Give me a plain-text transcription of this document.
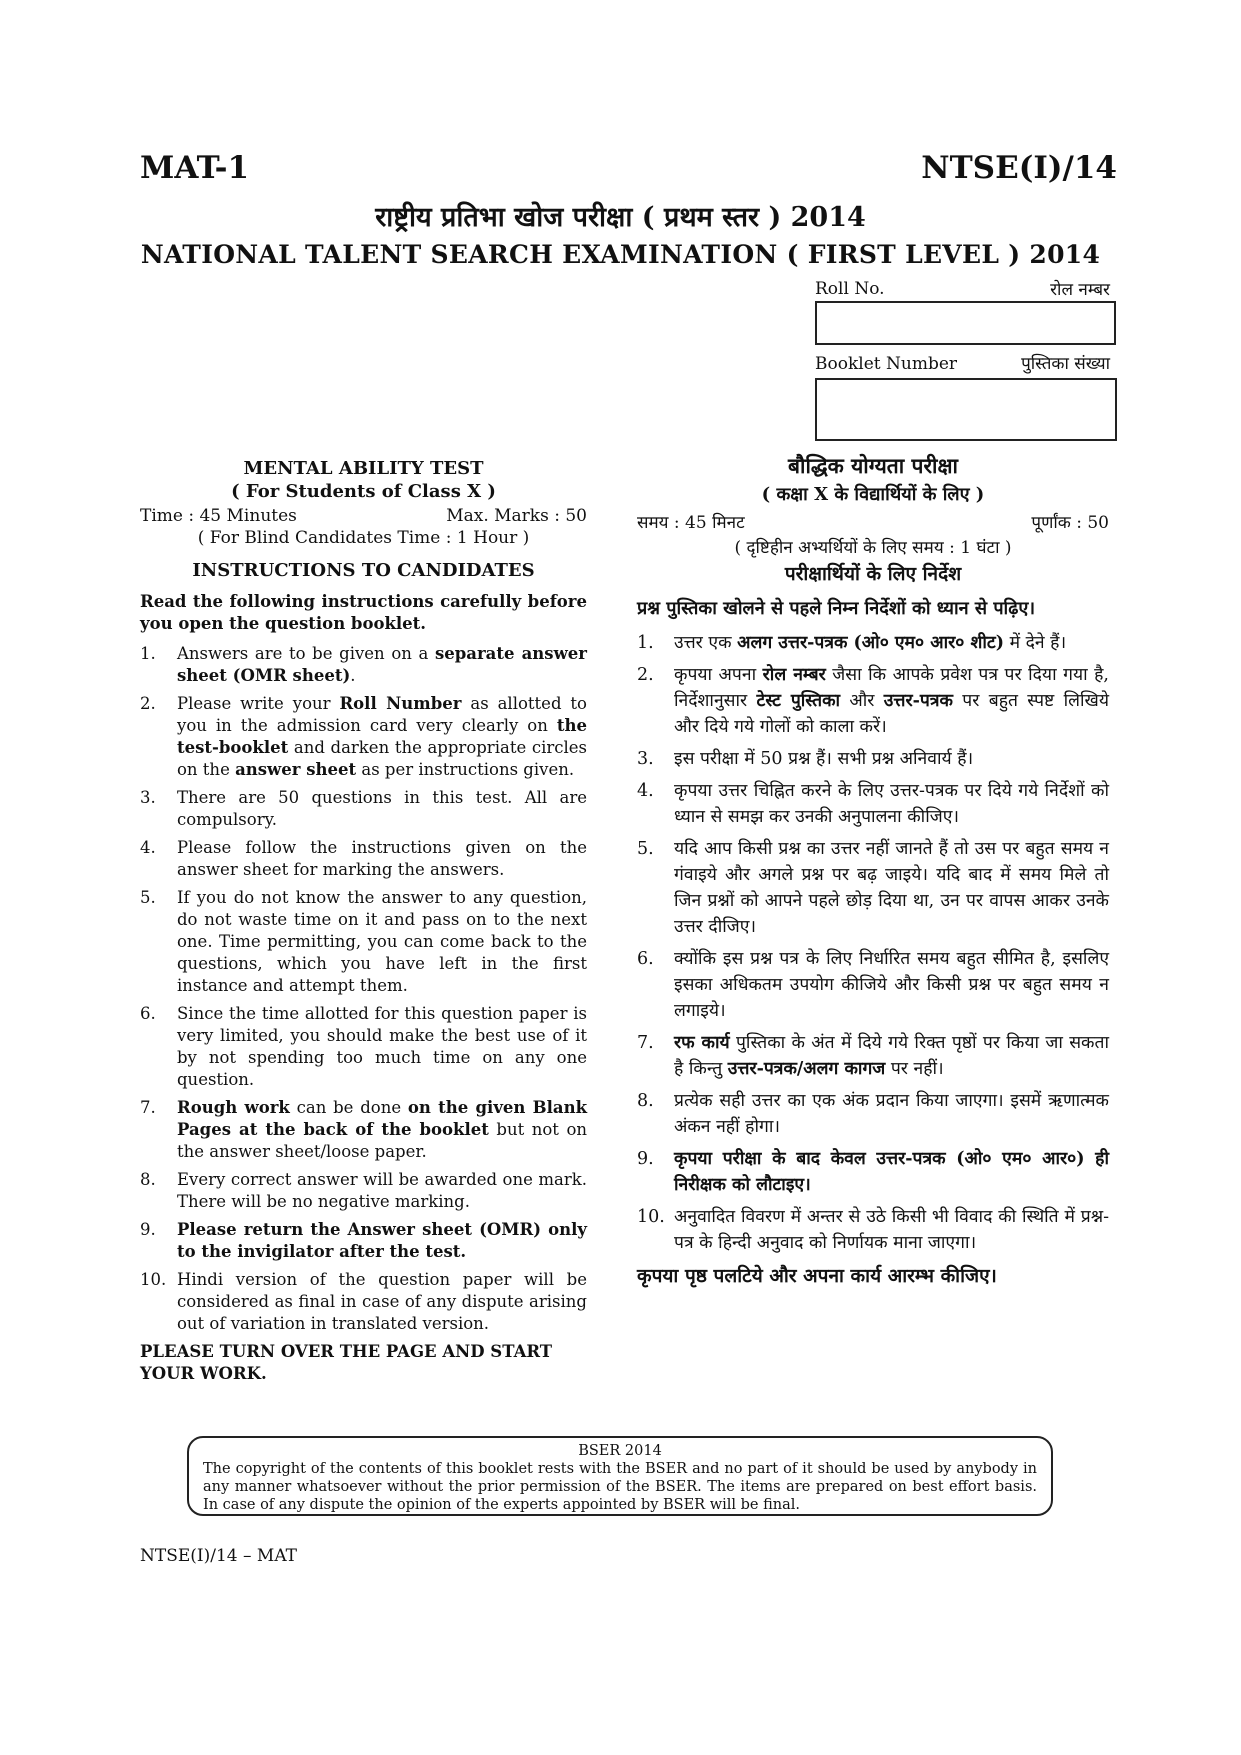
MAT-1	NTSE(I)/14
राष्ट्रीय प्रतिभा खोज परीक्षा ( प्रथम स्तर ) 2014
NATIONAL TALENT SEARCH EXAMINATION ( FIRST LEVEL ) 2014
Roll No.	रोल नम्बर
Booklet Number	पुस्तिका संख्या
MENTAL ABILITY TEST
( For Students of Class X )
Time : 45 Minutes	Max. Marks : 50
( For Blind Candidates Time : 1 Hour )
INSTRUCTIONS TO CANDIDATES
Read the following instructions carefully before you open the question booklet.
1.	Answers are to be given on a separate answer sheet (OMR sheet).
2.	Please write your Roll Number as allotted to you in the admission card very clearly on the test-booklet and darken the appropriate circles on the answer sheet as per instructions given.
3.	There are 50 questions in this test. All are compulsory.
4.	Please follow the instructions given on the answer sheet for marking the answers.
5.	If you do not know the answer to any question, do not waste time on it and pass on to the next one. Time permitting, you can come back to the questions, which you have left in the first instance and attempt them.
6.	Since the time allotted for this question paper is very limited, you should make the best use of it by not spending too much time on any one question.
7.	Rough work can be done on the given Blank Pages at the back of the booklet but not on the answer sheet/loose paper.
8.	Every correct answer will be awarded one mark. There will be no negative marking.
9.	Please return the Answer sheet (OMR) only to the invigilator after the test.
10. Hindi version of the question paper will be considered as final in case of any dispute arising out of variation in translated version.
PLEASE TURN OVER THE PAGE AND START YOUR WORK.
बौद्धिक योग्यता परीक्षा
( कक्षा X के विद्यार्थियों के लिए )
समय : 45 मिनट	पूर्णांक : 50
( दृष्टिहीन अभ्यर्थियों के लिए समय : 1 घंटा )
परीक्षार्थियों के लिए निर्देश
प्रश्न पुस्तिका खोलने से पहले निम्न निर्देशों को ध्यान से पढ़िए।
1.	उत्तर एक अलग उत्तर-पत्रक (ओ० एम० आर० शीट) में देने हैं।
2.	कृपया अपना रोल नम्बर जैसा कि आपके प्रवेश पत्र पर दिया गया है, निर्देशानुसार टेस्ट पुस्तिका और उत्तर-पत्रक पर बहुत स्पष्ट लिखिये और दिये गये गोलों को काला करें।
3.	इस परीक्षा में 50 प्रश्न हैं। सभी प्रश्न अनिवार्य हैं।
4.	कृपया उत्तर चिह्नित करने के लिए उत्तर-पत्रक पर दिये गये निर्देशों को ध्यान से समझ कर उनकी अनुपालना कीजिए।
5.	यदि आप किसी प्रश्न का उत्तर नहीं जानते हैं तो उस पर बहुत समय न गंवाइये और अगले प्रश्न पर बढ़ जाइये। यदि बाद में समय मिले तो जिन प्रश्नों को आपने पहले छोड़ दिया था, उन पर वापस आकर उनके उत्तर दीजिए।
6.	क्योंकि इस प्रश्न पत्र के लिए निर्धारित समय बहुत सीमित है, इसलिए इसका अधिकतम उपयोग कीजिये और किसी प्रश्न पर बहुत समय न लगाइये।
7.	रफ कार्य पुस्तिका के अंत में दिये गये रिक्त पृष्ठों पर किया जा सकता है किन्तु उत्तर-पत्रक/अलग कागज पर नहीं।
8.	प्रत्येक सही उत्तर का एक अंक प्रदान किया जाएगा। इसमें ऋणात्मक अंकन नहीं होगा।
9.	कृपया परीक्षा के बाद केवल उत्तर-पत्रक (ओ० एम० आर०) ही निरीक्षक को लौटाइए।
10. अनुवादित विवरण में अन्तर से उठे किसी भी विवाद की स्थिति में प्रश्न-पत्र के हिन्दी अनुवाद को निर्णायक माना जाएगा।
कृपया पृष्ठ पलटिये और अपना कार्य आरम्भ कीजिए।
BSER 2014
The copyright of the contents of this booklet rests with the BSER and no part of it should be used by anybody in any manner whatsoever without the prior permission of the BSER. The items are prepared on best effort basis. In case of any dispute the opinion of the experts appointed by BSER will be final.
NTSE(I)/14 – MAT
